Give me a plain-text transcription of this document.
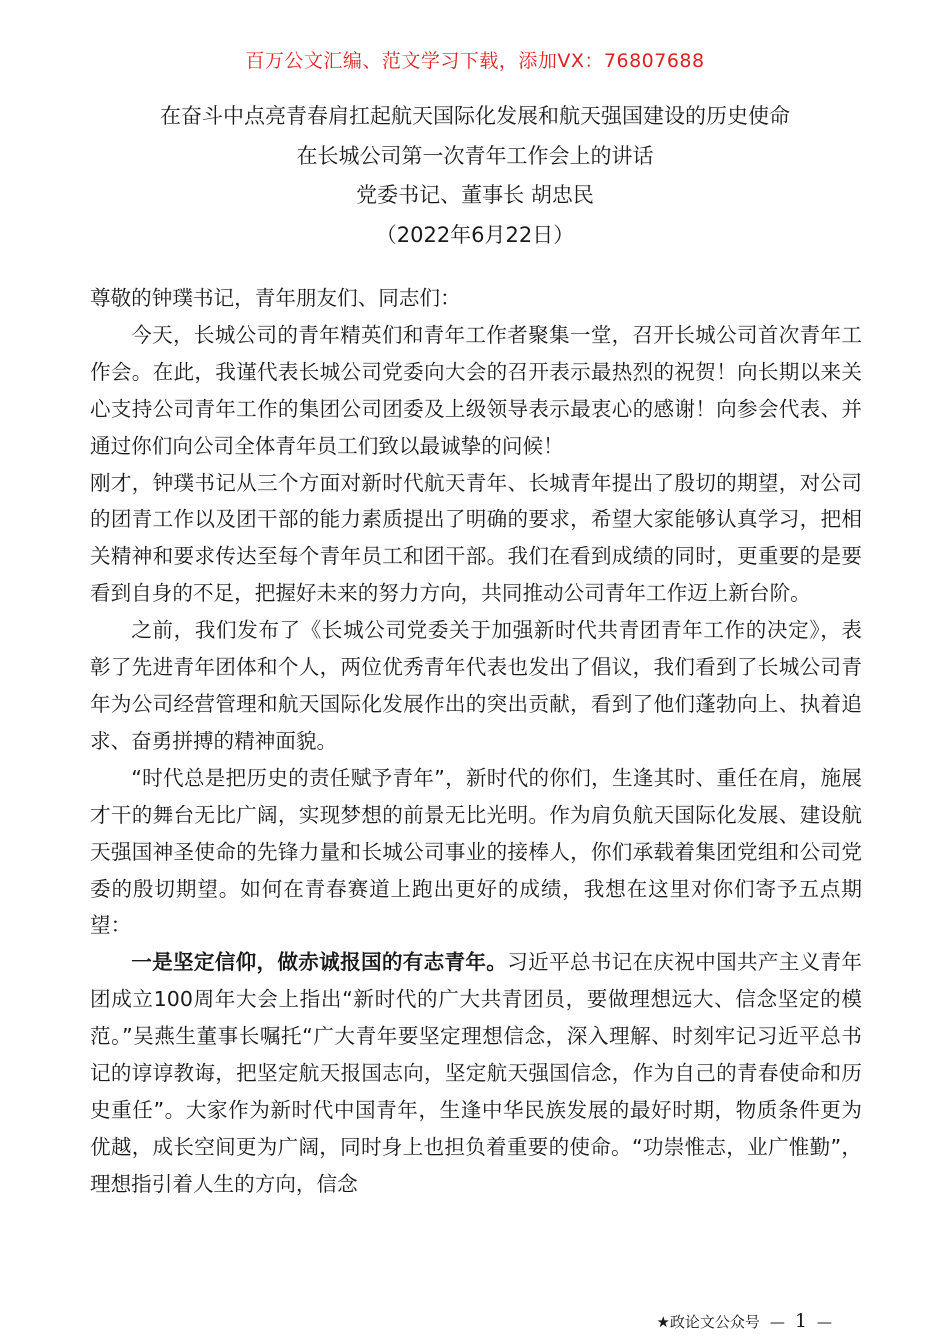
百万公文汇编、范文学习下载，添加VX：76807688
在奋斗中点亮青春肩扛起航天国际化发展和航天强国建设的历史使命
在长城公司第一次青年工作会上的讲话
党委书记、董事长 胡忠民
（2022年6月22日）

尊敬的钟璞书记，青年朋友们、同志们：

今天，长城公司的青年精英们和青年工作者聚集一堂，召开长城公司首次青年工作会。在此，我谨代表长城公司党委向大会的召开表示最热烈的祝贺！向长期以来关心支持公司青年工作的集团公司团委及上级领导表示最衷心的感谢！向参会代表、并通过你们向公司全体青年员工们致以最诚挚的问候！

刚才，钟璞书记从三个方面对新时代航天青年、长城青年提出了殷切的期望，对公司的团青工作以及团干部的能力素质提出了明确的要求，希望大家能够认真学习，把相关精神和要求传达至每个青年员工和团干部。我们在看到成绩的同时，更重要的是要看到自身的不足，把握好未来的努力方向，共同推动公司青年工作迈上新台阶。

之前，我们发布了《长城公司党委关于加强新时代共青团青年工作的决定》，表彰了先进青年团体和个人，两位优秀青年代表也发出了倡议，我们看到了长城公司青年为公司经营管理和航天国际化发展作出的突出贡献，看到了他们蓬勃向上、执着追求、奋勇拼搏的精神面貌。

“时代总是把历史的责任赋予青年”，新时代的你们，生逢其时、重任在肩，施展才干的舞台无比广阔，实现梦想的前景无比光明。作为肩负航天国际化发展、建设航天强国神圣使命的先锋力量和长城公司事业的接棒人，你们承载着集团党组和公司党委的殷切期望。如何在青春赛道上跑出更好的成绩，我想在这里对你们寄予五点期望：

一是坚定信仰，做赤诚报国的有志青年。习近平总书记在庆祝中国共产主义青年团成立100周年大会上指出“新时代的广大共青团员，要做理想远大、信念坚定的模范。”吴燕生董事长嘱托“广大青年要坚定理想信念，深入理解、时刻牢记习近平总书记的谆谆教诲，把坚定航天报国志向，坚定航天强国信念，作为自己的青春使命和历史重任”。大家作为新时代中国青年，生逢中华民族发展的最好时期，物质条件更为优越，成长空间更为广阔，同时身上也担负着重要的使命。“功崇惟志，业广惟勤”，理想指引着人生的方向，信念

★政论文公众号 — 1 —
